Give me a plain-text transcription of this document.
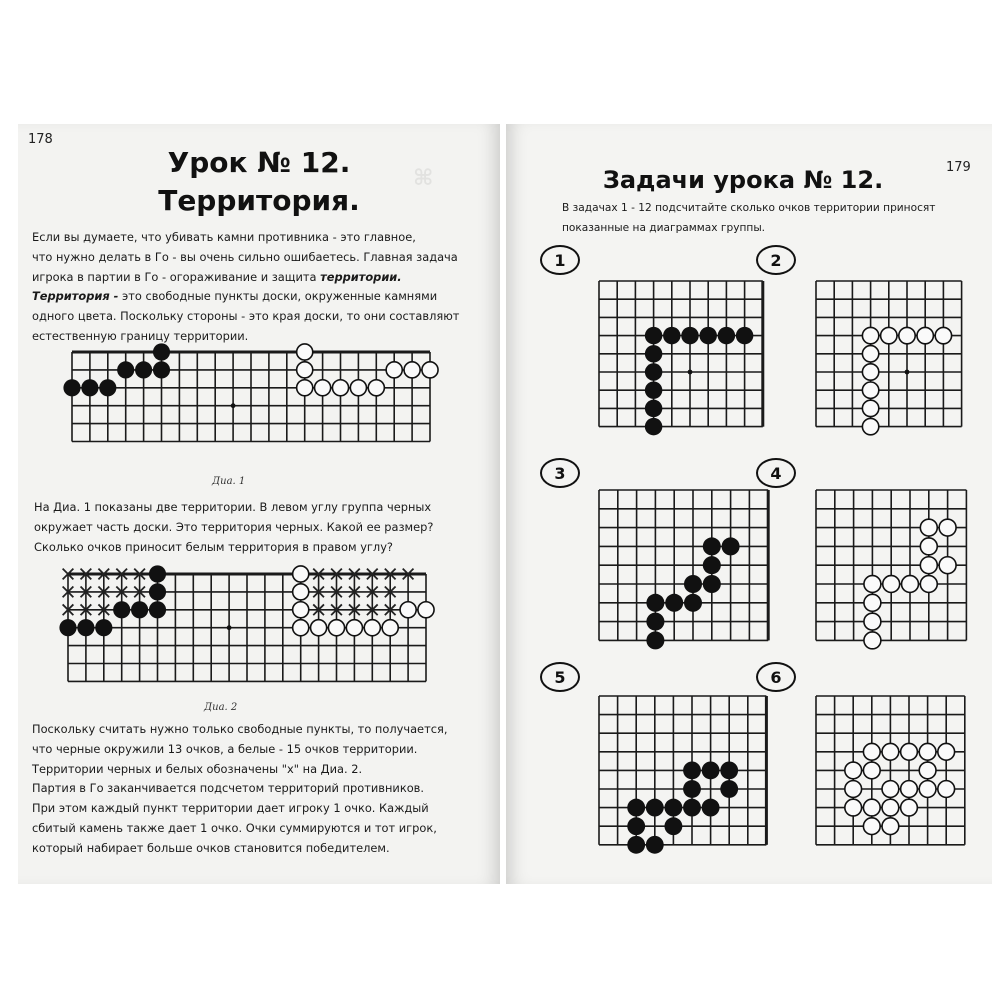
⌘
178
Урок № 12.
Территория.

Если вы думаете, что убивать камни противника - это главное,

что нужно делать в Го - вы очень сильно ошибаетесь. Главная задача

игрока в партии в Го - огораживание и защита территории.

Территория - это свободные пункты доски, окруженные камнями

одного цвета. Поскольку стороны - это края доски, то они составляют

естественную границу территории.

Диа. 1

На Диа. 1 показаны две территории. В левом углу группа черных

окружает часть доски. Это территория черных. Какой ее размер?

Сколько очков приносит белым территория в правом углу?

Диа. 2

Поскольку считать нужно только свободные пункты, то получается,

что черные окружили 13 очков, а белые - 15 очков территории.

Территории черных и белых обозначены "х" на Диа. 2.

Партия в Го заканчивается подсчетом территорий противников.

При этом каждый пункт территории дает игроку 1 очко. Каждый

сбитый камень также дает 1 очко. Очки суммируются и тот игрок,

который набирает больше очков становится победителем.

179
Задачи урока № 12.
В задачах 1 - 12 подсчитайте сколько очков территории приносят
показанные на диаграммах группы.
1	2
3	4
5	6
